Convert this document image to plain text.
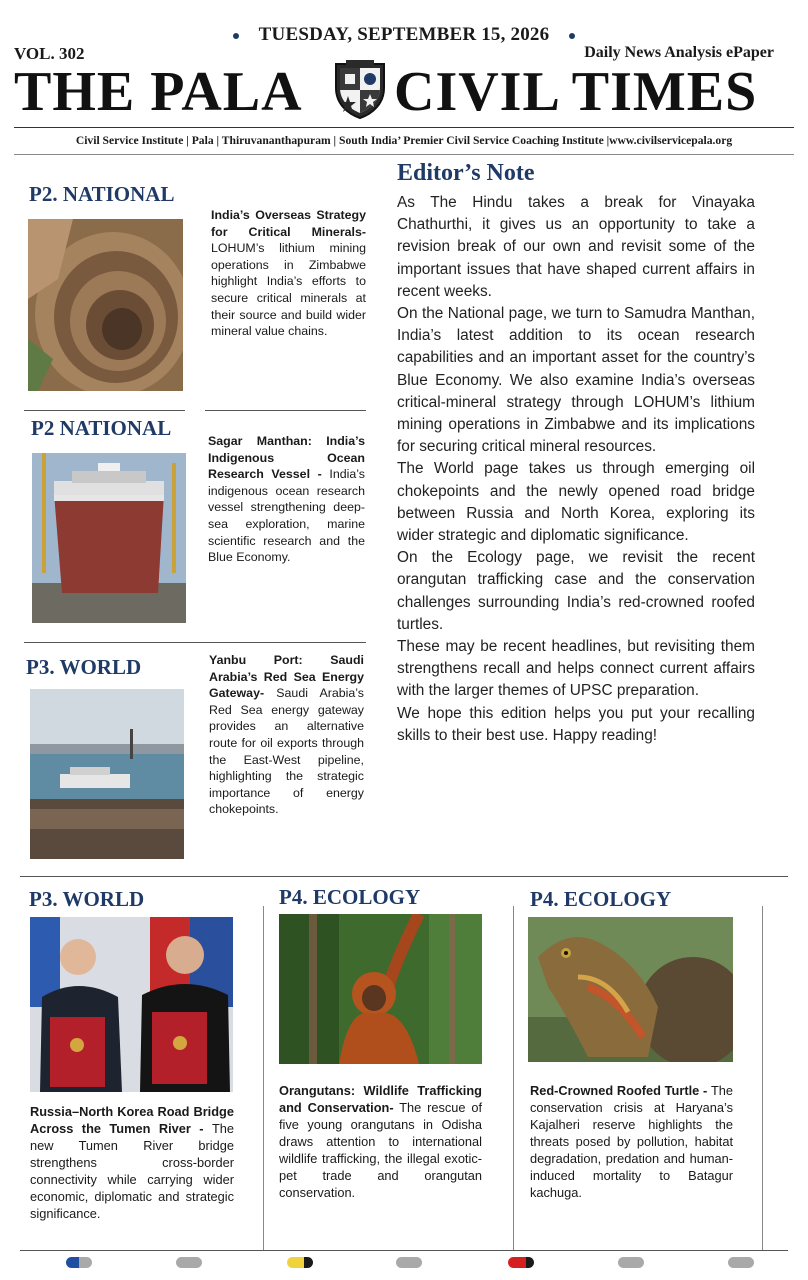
TUESDAY, SEPTEMBER 15, 2026
VOL. 302	Daily News Analysis ePaper
THE PALA CIVIL TIMES
Civil Service Institute | Pala | Thiruvananthapuram | South India’ Premier Civil Service Coaching Institute |www.civilservicepala.org
P2. NATIONAL
India’s Overseas Strategy for Critical Minerals- LOHUM’s lithium mining operations in Zimbabwe highlight India’s efforts to secure critical minerals at their source and build wider mineral value chains.
P2 NATIONAL
Sagar Manthan: India’s Indigenous Ocean Research Vessel - India’s indigenous ocean research vessel strengthening deep-sea exploration, marine scientific research and the Blue Economy.
P3. WORLD	Yanbu Port: Saudi Arabia’s Red Sea Energy Gateway- Saudi Arabia’s Red Sea energy gateway provides an alternative route for oil exports through the East-West pipeline, highlighting the strategic importance of energy chokepoints.
Editor’s Note

As The Hindu takes a break for Vinayaka Chathurthi, it gives us an opportunity to take a revision break of our own and revisit some of the important issues that have shaped current affairs in recent weeks.

On the National page, we turn to Samudra Manthan, India’s latest addition to its ocean research capabilities and an important asset for the country’s Blue Economy. We also examine India’s overseas critical-mineral strategy through LOHUM’s lithium mining operations in Zimbabwe and its implications for securing critical mineral resources.

The World page takes us through emerging oil chokepoints and the newly opened road bridge between Russia and North Korea, exploring its wider strategic and diplomatic significance.

On the Ecology page, we revisit the recent orangutan trafficking case and the conservation challenges surrounding India’s red-crowned roofed turtles.

These may be recent headlines, but revisiting them strengthens recall and helps connect current affairs with the larger themes of UPSC preparation.

We hope this edition helps you put your recalling skills to their best use. Happy reading!

P3. WORLD
Russia–North Korea Road Bridge Across the Tumen River - The new Tumen River bridge strengthens cross-border connectivity while carrying wider economic, diplomatic and strategic significance.
P4. ECOLOGY
Orangutans: Wildlife Trafficking and Conservation- The rescue of five young orangutans in Odisha draws attention to international wildlife trafficking, the illegal exotic-pet trade and orangutan conservation.
P4. ECOLOGY
Red-Crowned Roofed Turtle - The conservation crisis at Haryana’s Kajalheri reserve highlights the threats posed by pollution, habitat degradation, predation and human-induced mortality to Batagur kachuga.
